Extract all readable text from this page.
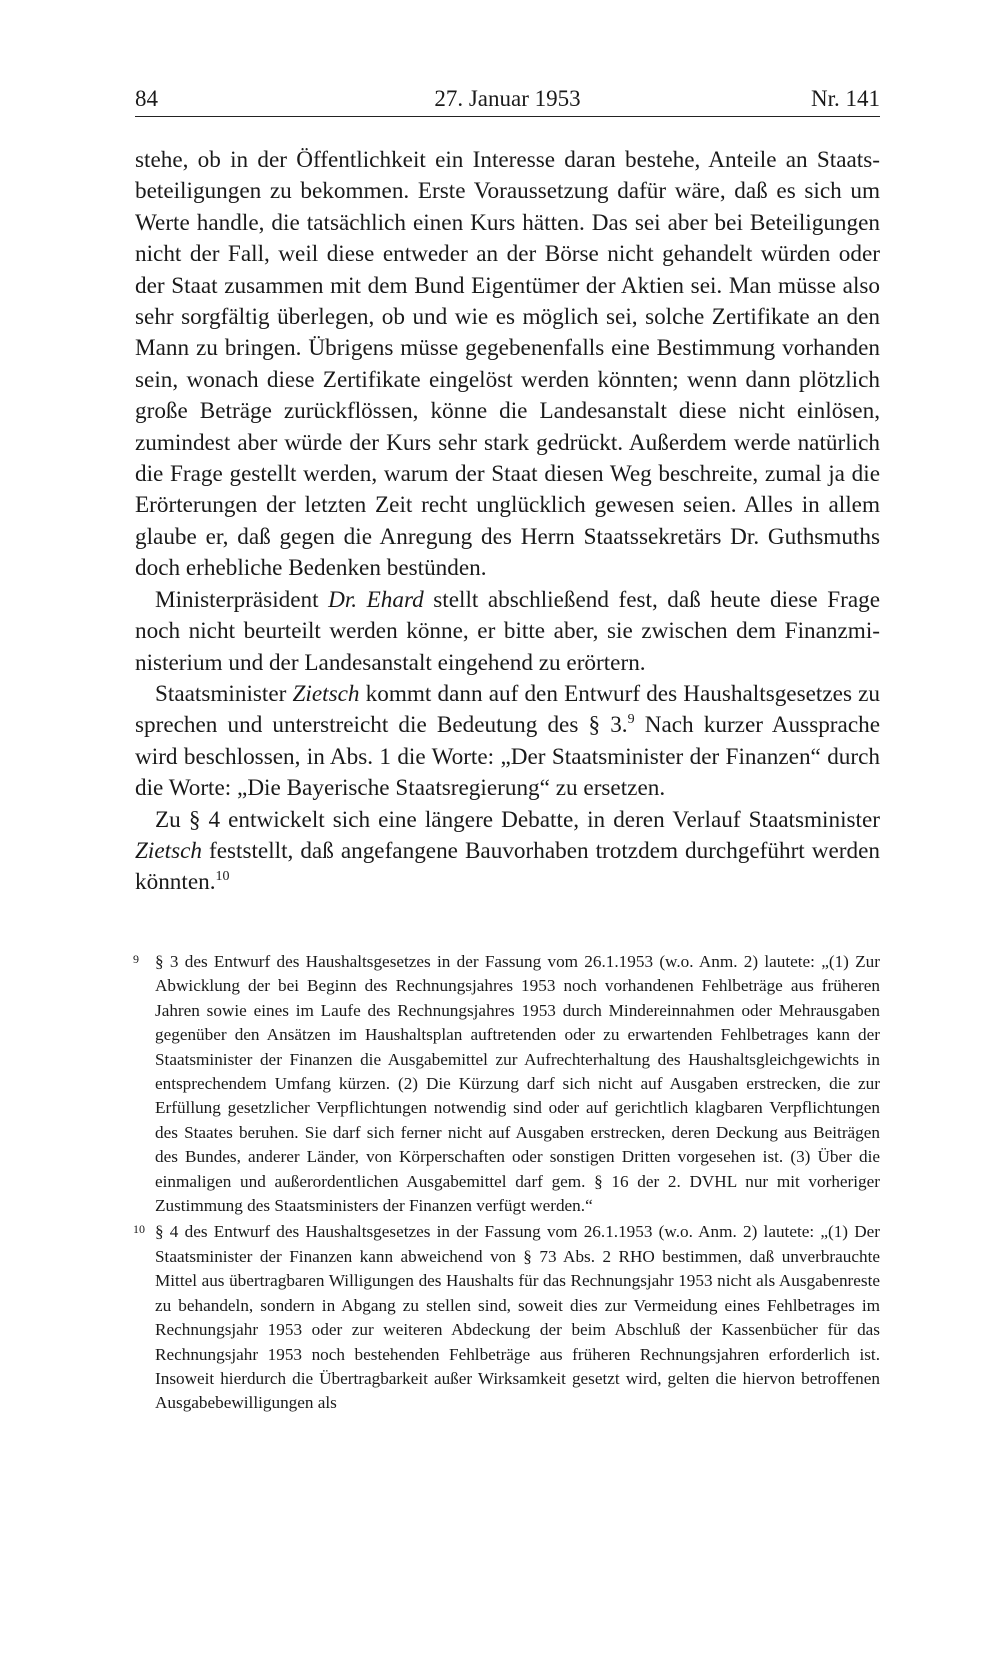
84	27. Januar 1953	Nr. 141

stehe, ob in der Öffentlichkeit ein Interesse daran bestehe, Anteile an Staatsbeteiligungen zu bekommen. Erste Voraussetzung dafür wäre, daß es sich um Werte handle, die tatsächlich einen Kurs hätten. Das sei aber bei Beteiligungen nicht der Fall, weil diese entweder an der Börse nicht gehandelt würden oder der Staat zusammen mit dem Bund Eigentümer der Aktien sei. Man müsse also sehr sorgfältig überlegen, ob und wie es möglich sei, solche Zertifikate an den Mann zu bringen. Übrigens müsse gegebenenfalls eine Bestimmung vorhanden sein, wonach diese Zertifikate eingelöst werden könnten; wenn dann plötzlich große Beträge zurückflössen, könne die Landesanstalt diese nicht einlösen, zumindest aber würde der Kurs sehr stark gedrückt. Außerdem werde natürlich die Frage gestellt werden, warum der Staat diesen Weg beschreite, zumal ja die Erörterungen der letzten Zeit recht unglücklich gewesen seien. Alles in allem glaube er, daß gegen die Anregung des Herrn Staatssekretärs Dr. Guthsmuths doch erhebliche Bedenken bestünden.

Ministerpräsident Dr. Ehard stellt abschließend fest, daß heute diese Frage noch nicht beurteilt werden könne, er bitte aber, sie zwischen dem Finanzministerium und der Landesanstalt eingehend zu erörtern.

Staatsminister Zietsch kommt dann auf den Entwurf des Haushaltsgesetzes zu sprechen und unterstreicht die Bedeutung des § 3.$^9$ Nach kurzer Aussprache wird beschlossen, in Abs. 1 die Worte: „Der Staatsminister der Finanzen“ durch die Worte: „Die Bayerische Staatsregierung“ zu ersetzen.

Zu § 4 entwickelt sich eine längere Debatte, in deren Verlauf Staatsminister Zietsch feststellt, daß angefangene Bauvorhaben trotzdem durchgeführt werden könnten.$^{10}$

9 § 3 des Entwurf des Haushaltsgesetzes in der Fassung vom 26.1.1953 (w.o. Anm. 2) lautete: „(1) Zur Abwicklung der bei Beginn des Rechnungsjahres 1953 noch vorhandenen Fehlbeträge aus früheren Jahren sowie eines im Laufe des Rechnungsjahres 1953 durch Mindereinnahmen oder Mehrausgaben gegenüber den Ansätzen im Haushaltsplan auftretenden oder zu erwartenden Fehlbetrages kann der Staatsminister der Finanzen die Ausgabemittel zur Aufrechterhaltung des Haushaltsgleichgewichts in entsprechendem Umfang kürzen. (2) Die Kürzung darf sich nicht auf Ausgaben erstrecken, die zur Erfüllung gesetzlicher Verpflichtungen notwendig sind oder auf gerichtlich klagbaren Verpflichtungen des Staates beruhen. Sie darf sich ferner nicht auf Ausgaben erstrecken, deren Deckung aus Beiträgen des Bundes, anderer Länder, von Körperschaften oder sonstigen Dritten vorgesehen ist. (3) Über die einmaligen und außerordentlichen Ausgabemittel darf gem. § 16 der 2. DVHL nur mit vorheriger Zustimmung des Staatsministers der Finanzen verfügt werden.“
10 § 4 des Entwurf des Haushaltsgesetzes in der Fassung vom 26.1.1953 (w.o. Anm. 2) lautete: „(1) Der Staatsminister der Finanzen kann abweichend von § 73 Abs. 2 RHO bestimmen, daß unverbrauchte Mittel aus übertragbaren Willigungen des Haushalts für das Rechnungsjahr 1953 nicht als Ausgabenreste zu behandeln, sondern in Abgang zu stellen sind, soweit dies zur Vermeidung eines Fehlbetrages im Rechnungsjahr 1953 oder zur weiteren Abdeckung der beim Abschluß der Kassenbücher für das Rechnungsjahr 1953 noch bestehenden Fehlbeträge aus früheren Rechnungsjahren erforderlich ist. Insoweit hierdurch die Übertragbarkeit außer Wirksamkeit gesetzt wird, gelten die hiervon betroffenen Ausgabebewilligungen als
